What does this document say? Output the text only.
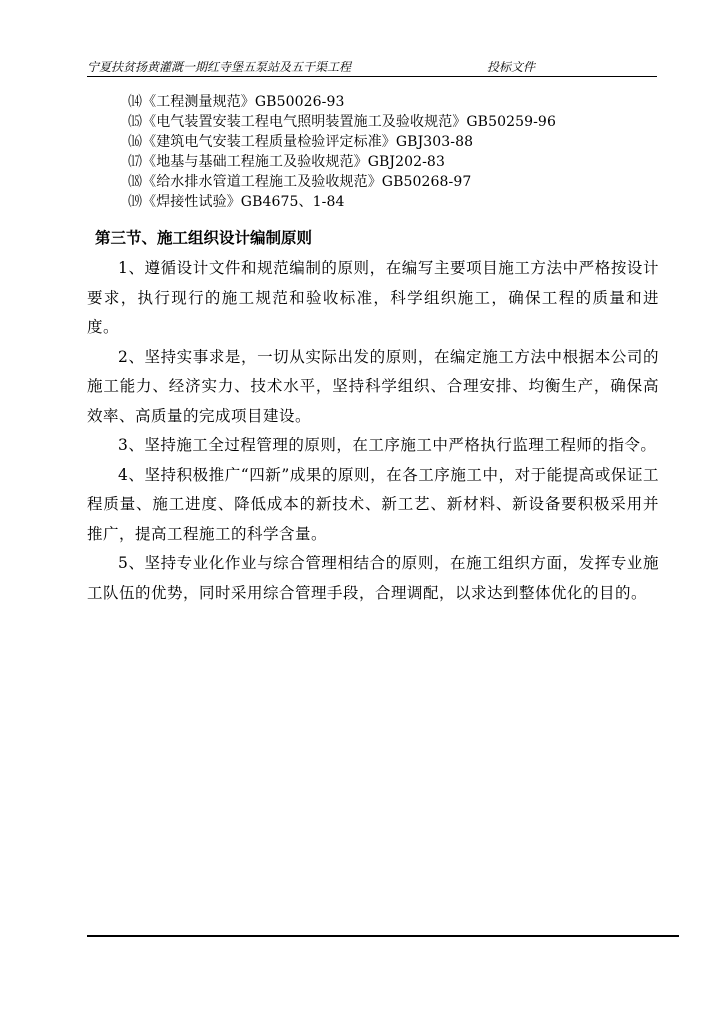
宁夏扶贫扬黄灌溉一期红寺堡五泵站及五干渠工程	投标文件
⒁《工程测量规范》GB50026-93
⒂《电气装置安装工程电气照明装置施工及验收规范》GB50259-96
⒃《建筑电气安装工程质量检验评定标准》GBJ303-88
⒄《地基与基础工程施工及验收规范》GBJ202-83
⒅《给水排水管道工程施工及验收规范》GB50268-97
⒆《焊接性试验》GB4675、1-84
第三节、施工组织设计编制原则

1、遵循设计文件和规范编制的原则，在编写主要项目施工方法中严格按设计要求，执行现行的施工规范和验收标准，科学组织施工，确保工程的质量和进度。

2、坚持实事求是，一切从实际出发的原则，在编定施工方法中根据本公司的施工能力、经济实力、技术水平，坚持科学组织、合理安排、均衡生产，确保高效率、高质量的完成项目建设。

3、坚持施工全过程管理的原则，在工序施工中严格执行监理工程师的指令。

4、坚持积极推广“四新”成果的原则，在各工序施工中，对于能提高或保证工程质量、施工进度、降低成本的新技术、新工艺、新材料、新设备要积极采用并推广，提高工程施工的科学含量。

5、坚持专业化作业与综合管理相结合的原则，在施工组织方面，发挥专业施工队伍的优势，同时采用综合管理手段，合理调配，以求达到整体优化的目的。
